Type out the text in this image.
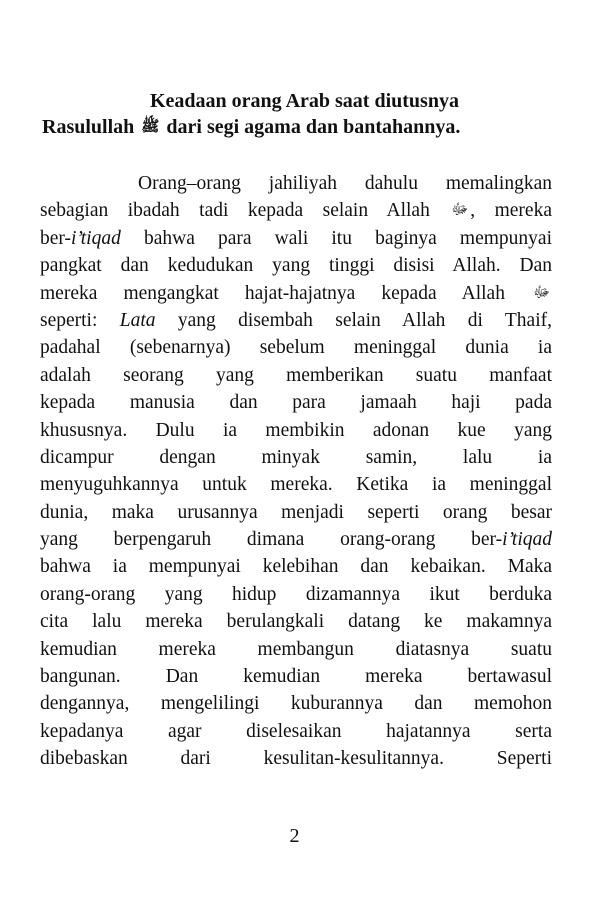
Keadaan orang Arab saat diutusnya
Rasulullah ﷺ dari segi agama dan bantahannya.
Orang–orang jahiliyah dahulu memalingkan
sebagian ibadah tadi kepada selain Allah ﷻ , mereka
ber-i’tiqad bahwa para wali itu baginya mempunyai
pangkat dan kedudukan yang tinggi disisi Allah. Dan
mereka mengangkat hajat-hajatnya kepada Allah ﷻ
seperti: Lata yang disembah selain Allah di Thaif,
padahal (sebenarnya) sebelum meninggal dunia ia
adalah seorang yang memberikan suatu manfaat
kepada manusia dan para jamaah haji pada
khususnya. Dulu ia membikin adonan kue yang
dicampur dengan minyak samin, lalu ia
menyuguhkannya untuk mereka. Ketika ia meninggal
dunia, maka urusannya menjadi seperti orang besar
yang berpengaruh dimana orang-orang ber-i’tiqad
bahwa ia mempunyai kelebihan dan kebaikan. Maka
orang-orang yang hidup dizamannya ikut berduka
cita lalu mereka berulangkali datang ke makamnya
kemudian mereka membangun diatasnya suatu
bangunan. Dan kemudian mereka bertawasul
dengannya, mengelilingi kuburannya dan memohon
kepadanya agar diselesaikan hajatannya serta
dibebaskan dari kesulitan-kesulitannya. Seperti
2
